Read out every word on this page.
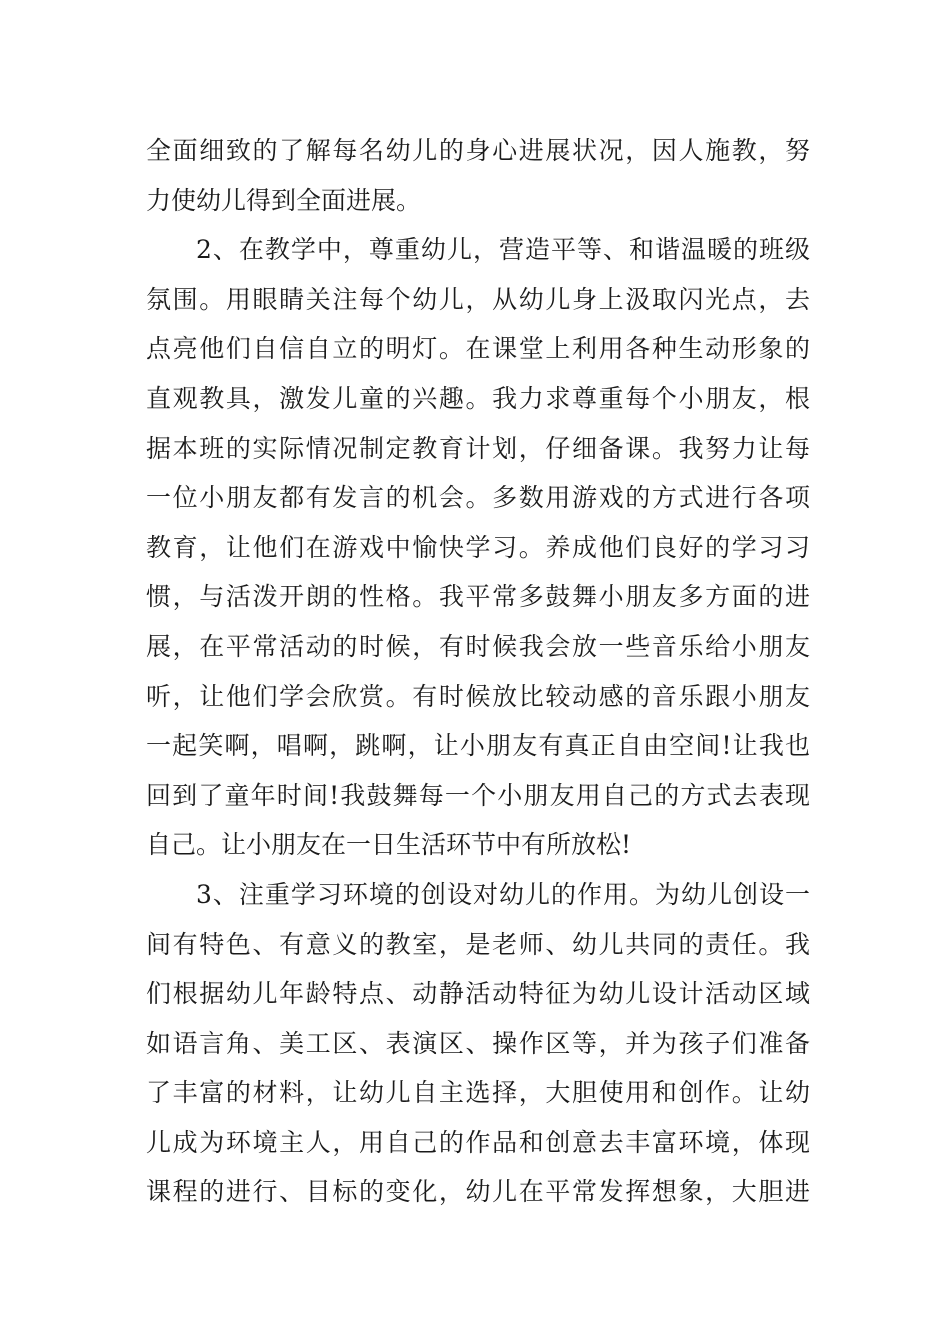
全面细致的了解每名幼儿的身心进展状况，因人施教，努
力使幼儿得到全面进展。
2、在教学中，尊重幼儿，营造平等、和谐温暖的班级
氛围。用眼睛关注每个幼儿，从幼儿身上汲取闪光点，去
点亮他们自信自立的明灯。在课堂上利用各种生动形象的
直观教具，激发儿童的兴趣。我力求尊重每个小朋友，根
据本班的实际情况制定教育计划，仔细备课。我努力让每
一位小朋友都有发言的机会。多数用游戏的方式进行各项
教育，让他们在游戏中愉快学习。养成他们良好的学习习
惯，与活泼开朗的性格。我平常多鼓舞小朋友多方面的进
展，在平常活动的时候，有时候我会放一些音乐给小朋友
听，让他们学会欣赏。有时候放比较动感的音乐跟小朋友
一起笑啊，唱啊，跳啊，让小朋友有真正自由空间!让我也
回到了童年时间!我鼓舞每一个小朋友用自己的方式去表现
自己。让小朋友在一日生活环节中有所放松!
3、注重学习环境的创设对幼儿的作用。为幼儿创设一
间有特色、有意义的教室，是老师、幼儿共同的责任。我
们根据幼儿年龄特点、动静活动特征为幼儿设计活动区域
如语言角、美工区、表演区、操作区等，并为孩子们准备
了丰富的材料，让幼儿自主选择，大胆使用和创作。让幼
儿成为环境主人，用自己的作品和创意去丰富环境，体现
课程的进行、目标的变化，幼儿在平常发挥想象，大胆进
